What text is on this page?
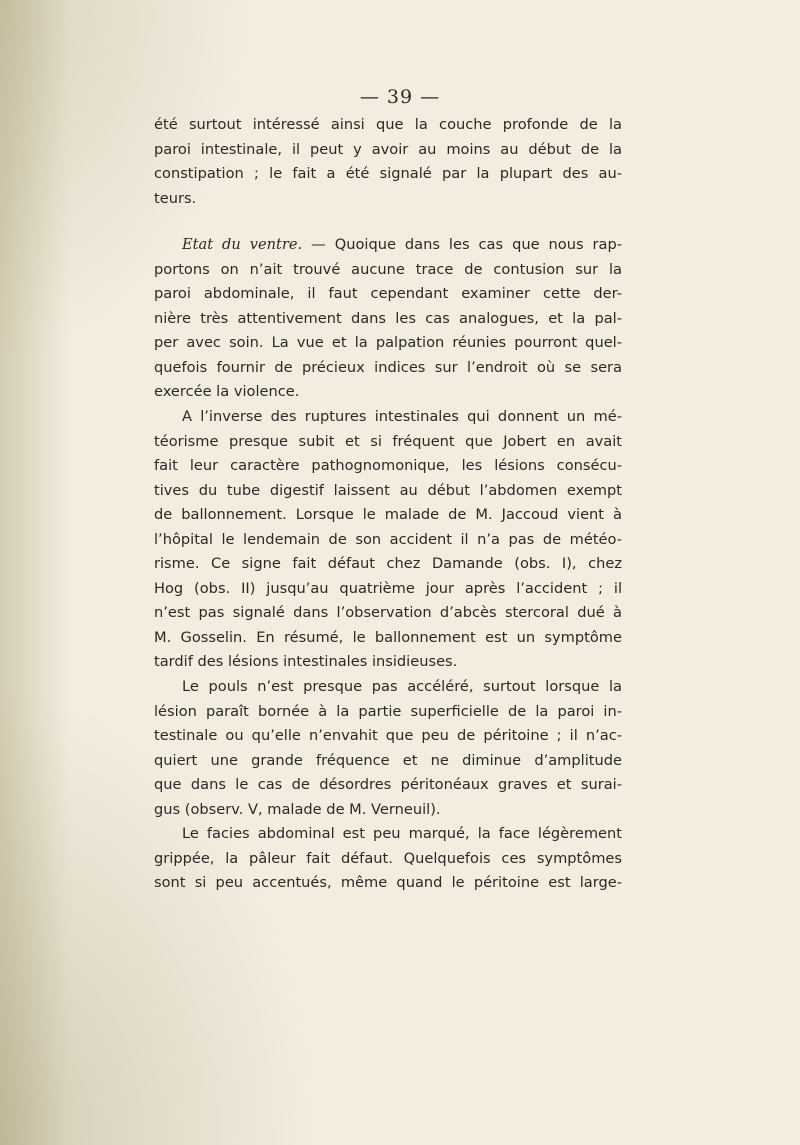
— 39 —
été surtout intéressé ainsi que la couche profonde de la
paroi intestinale, il peut y avoir au moins au début de la
constipation ; le fait a été signalé par la plupart des au-
teurs.
Etat du ventre. — Quoique dans les cas que nous rap-
portons on n’ait trouvé aucune trace de contusion sur la
paroi abdominale, il faut cependant examiner cette der-
nière très attentivement dans les cas analogues, et la pal-
per avec soin. La vue et la palpation réunies pourront quel-
quefois fournir de précieux indices sur l’endroit où se sera
exercée la violence.
A l’inverse des ruptures intestinales qui donnent un mé-
téorisme presque subit et si fréquent que Jobert en avait
fait leur caractère pathognomonique, les lésions consécu-
tives du tube digestif laissent au début l’abdomen exempt
de ballonnement. Lorsque le malade de M. Jaccoud vient à
l’hôpital le lendemain de son accident il n’a pas de météo-
risme. Ce signe fait défaut chez Damande (obs. I), chez
Hog (obs. II) jusqu’au quatrième jour après l’accident ; il
n’est pas signalé dans l’observation d’abcès stercoral dué à
M. Gosselin. En résumé, le ballonnement est un symptôme
tardif des lésions intestinales insidieuses.
Le pouls n’est presque pas accéléré, surtout lorsque la
lésion paraît bornée à la partie superficielle de la paroi in-
testinale ou qu’elle n’envahit que peu de péritoine ; il n’ac-
quiert une grande fréquence et ne diminue d’amplitude
que dans le cas de désordres péritonéaux graves et surai-
gus (observ. V, malade de M. Verneuil).
Le facies abdominal est peu marqué, la face légèrement
grippée, la pâleur fait défaut. Quelquefois ces symptômes
sont si peu accentués, même quand le péritoine est large-
